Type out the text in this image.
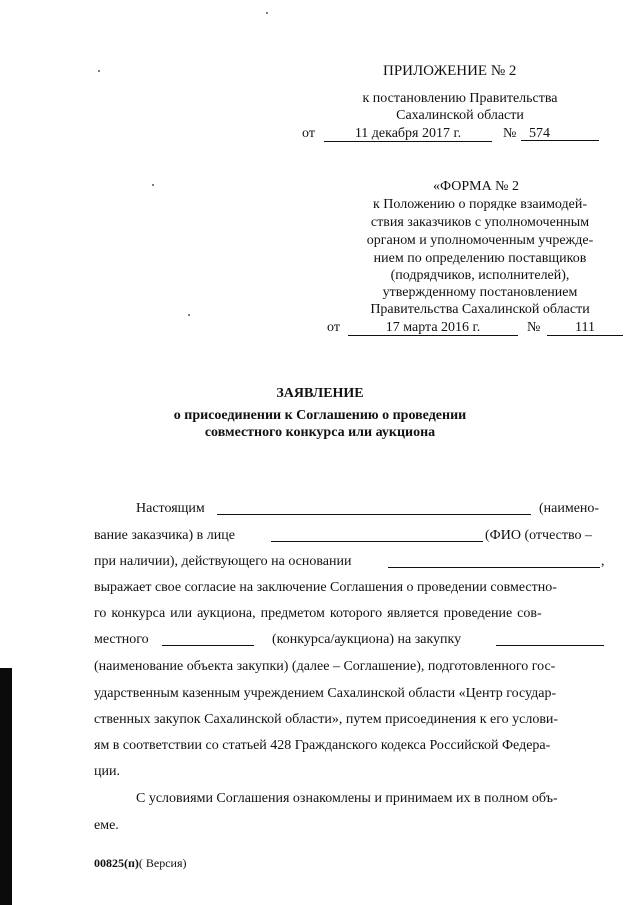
ПРИЛОЖЕНИЕ № 2
к постановлению Правительства
Сахалинской области
от	11 декабря 2017 г.	№ 574
«ФОРМА № 2
к Положению о порядке взаимодей-
ствия заказчиков с уполномоченным
органом и уполномоченным учрежде-
нием по определению поставщиков
(подрядчиков, исполнителей),
утвержденному постановлением
Правительства Сахалинской области
от	17 марта 2016 г.	№	111
ЗАЯВЛЕНИЕ
о присоединении к Соглашению о проведении
совместного конкурса или аукциона
Настоящим	(наимено-
вание заказчика) в лице	(ФИО (отчество –
при наличии), действующего на основании	,
выражает свое согласие на заключение Соглашения о проведении совместно-
го конкурса или аукциона, предметом которого является проведение сов-
местного	(конкурса/аукциона) на закупку
(наименование объекта закупки) (далее – Соглашение), подготовленного гос-
ударственным казенным учреждением Сахалинской области «Центр государ-
ственных закупок Сахалинской области», путем присоединения к его услови-
ям в соответствии со статьей 428 Гражданского кодекса Российской Федера-
ции.
С условиями Соглашения ознакомлены и принимаем их в полном объ-
еме.
00825(п)( Версия)
